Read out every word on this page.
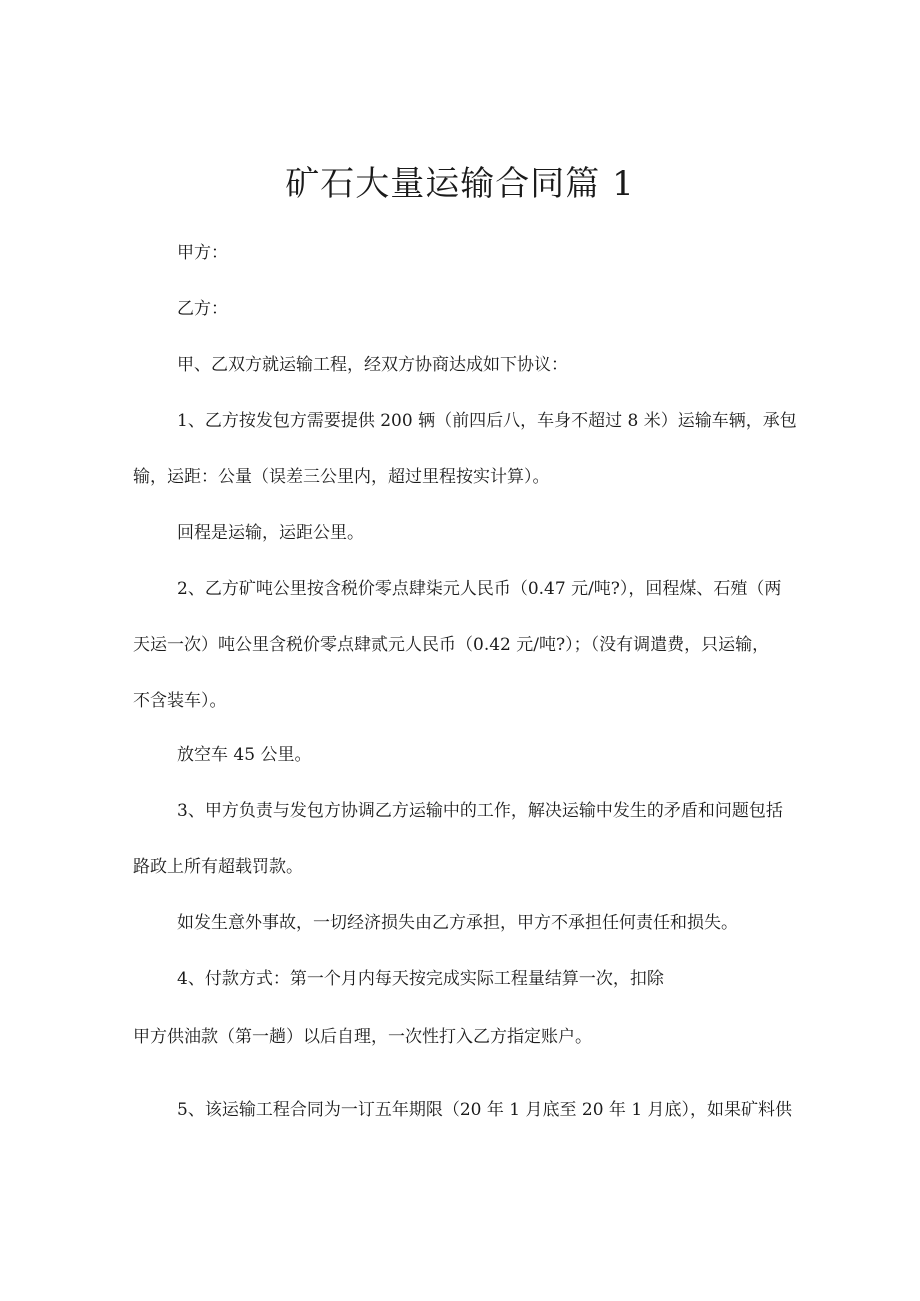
矿石大量运输合同篇 1

甲方：

乙方：

甲、乙双方就运输工程，经双方协商达成如下协议：

1、乙方按发包方需要提供 200 辆（前四后八，车身不超过 8 米）运输车辆，承包

输，运距：公量（误差三公里内，超过里程按实计算）。

回程是运输，运距公里。

2、乙方矿吨公里按含税价零点肆柒元人民币（0.47 元/吨?），回程煤、石殖（两

天运一次）吨公里含税价零点肆贰元人民币（0.42 元/吨?）；（没有调遣费，只运输，

不含装车）。

放空车 45 公里。

3、甲方负责与发包方协调乙方运输中的工作，解决运输中发生的矛盾和问题包括

路政上所有超载罚款。

如发生意外事故，一切经济损失由乙方承担，甲方不承担任何责任和损失。

4、付款方式：第一个月内每天按完成实际工程量结算一次，扣除

甲方供油款（第一趟）以后自理，一次性打入乙方指定账户。

5、该运输工程合同为一订五年期限（20 年 1 月底至 20 年 1 月底），如果矿料供
